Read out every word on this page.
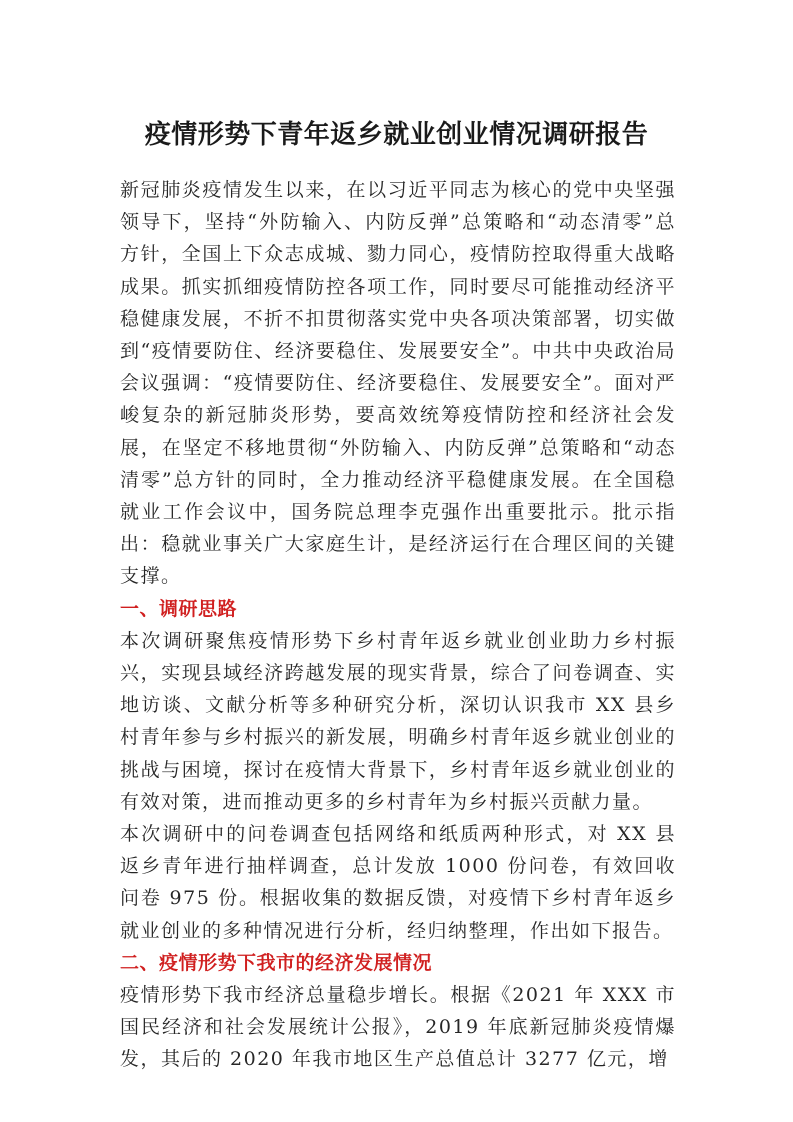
疫情形势下青年返乡就业创业情况调研报告

新冠肺炎疫情发生以来，在以习近平同志为核心的党中央坚强领导下，坚持“外防输入、内防反弹”总策略和“动态清零”总方针，全国上下众志成城、勠力同心，疫情防控取得重大战略成果。抓实抓细疫情防控各项工作，同时要尽可能推动经济平稳健康发展，不折不扣贯彻落实党中央各项决策部署，切实做到“疫情要防住、经济要稳住、发展要安全”。中共中央政治局会议强调：“疫情要防住、经济要稳住、发展要安全”。面对严峻复杂的新冠肺炎形势，要高效统筹疫情防控和经济社会发展，在坚定不移地贯彻“外防输入、内防反弹”总策略和“动态清零”总方针的同时，全力推动经济平稳健康发展。在全国稳就业工作会议中，国务院总理李克强作出重要批示。批示指出：稳就业事关广大家庭生计，是经济运行在合理区间的关键支撑。

一、调研思路

本次调研聚焦疫情形势下乡村青年返乡就业创业助力乡村振兴，实现县域经济跨越发展的现实背景，综合了问卷调查、实地访谈、文献分析等多种研究分析，深切认识我市 XX 县乡村青年参与乡村振兴的新发展，明确乡村青年返乡就业创业的挑战与困境，探讨在疫情大背景下，乡村青年返乡就业创业的有效对策，进而推动更多的乡村青年为乡村振兴贡献力量。

本次调研中的问卷调查包括网络和纸质两种形式，对 XX 县返乡青年进行抽样调查，总计发放 1000 份问卷，有效回收问卷 975 份。根据收集的数据反馈，对疫情下乡村青年返乡就业创业的多种情况进行分析，经归纳整理，作出如下报告。

二、疫情形势下我市的经济发展情况

疫情形势下我市经济总量稳步增长。根据《2021 年 XXX 市国民经济和社会发展统计公报》，2019 年底新冠肺炎疫情爆发，其后的 2020 年我市地区生产总值总计 3277 亿元，增
